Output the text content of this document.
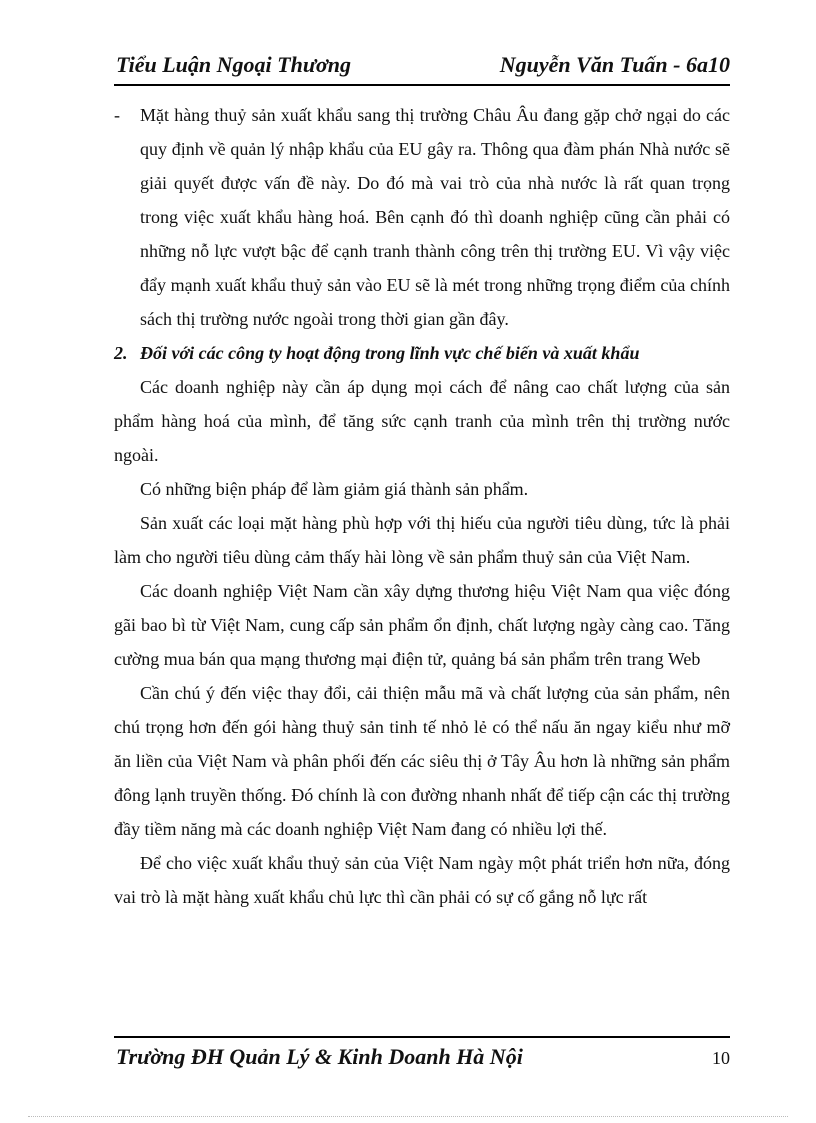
Tiểu Luận Ngoại Thương	Nguyễn Văn Tuấn - 6a10

-	Mặt hàng thuỷ sản xuất khẩu sang thị trường Châu Âu đang gặp chở ngại do các quy định về quản lý nhập khẩu của EU gây ra. Thông qua đàm phán Nhà nước sẽ giải quyết được vấn đề này. Do đó mà vai trò của nhà nước là rất quan trọng trong việc xuất khẩu hàng hoá. Bên cạnh đó thì doanh nghiệp cũng cần phải có những nỗ lực vượt bậc để cạnh tranh thành công trên thị trường EU. Vì vậy việc đẩy mạnh xuất khẩu thuỷ sản vào EU sẽ là mét trong những trọng điểm của chính sách thị trường nước ngoài trong thời gian gần đây.

2. Đối với các công ty hoạt động trong lĩnh vực chế biến và xuất khẩu

Các doanh nghiệp này cần áp dụng mọi cách để nâng cao chất lượng của sản phẩm hàng hoá của mình, để tăng sức cạnh tranh của mình trên thị trường nước ngoài.

Có những biện pháp để làm giảm giá thành sản phẩm.

Sản xuất các loại mặt hàng phù hợp với thị hiếu của người tiêu dùng, tức là phải làm cho người tiêu dùng cảm thấy hài lòng về sản phẩm thuỷ sản của Việt Nam.

Các doanh nghiệp Việt Nam cần xây dựng thương hiệu Việt Nam qua việc đóng gãi bao bì từ Việt Nam, cung cấp sản phẩm ổn định, chất lượng ngày càng cao. Tăng cường mua bán qua mạng thương mại điện tử, quảng bá sản phẩm trên trang Web

Cần chú ý đến việc thay đổi, cải thiện mẫu mã và chất lượng của sản phẩm, nên chú trọng hơn đến gói hàng thuỷ sản tinh tế nhỏ lẻ có thể nấu ăn ngay kiểu như mỡ ăn liền của Việt Nam và phân phối đến các siêu thị ở Tây Âu hơn là những sản phẩm đông lạnh truyền thống. Đó chính là con đường nhanh nhất để tiếp cận các thị trường đầy tiềm năng mà các doanh nghiệp Việt Nam đang có nhiều lợi thế.

Để cho việc xuất khẩu thuỷ sản của Việt Nam ngày một phát triển hơn nữa, đóng vai trò là mặt hàng xuất khẩu chủ lực thì cần phải có sự cố gắng nỗ lực rất

Trường ĐH Quản Lý & Kinh Doanh Hà Nội	10
